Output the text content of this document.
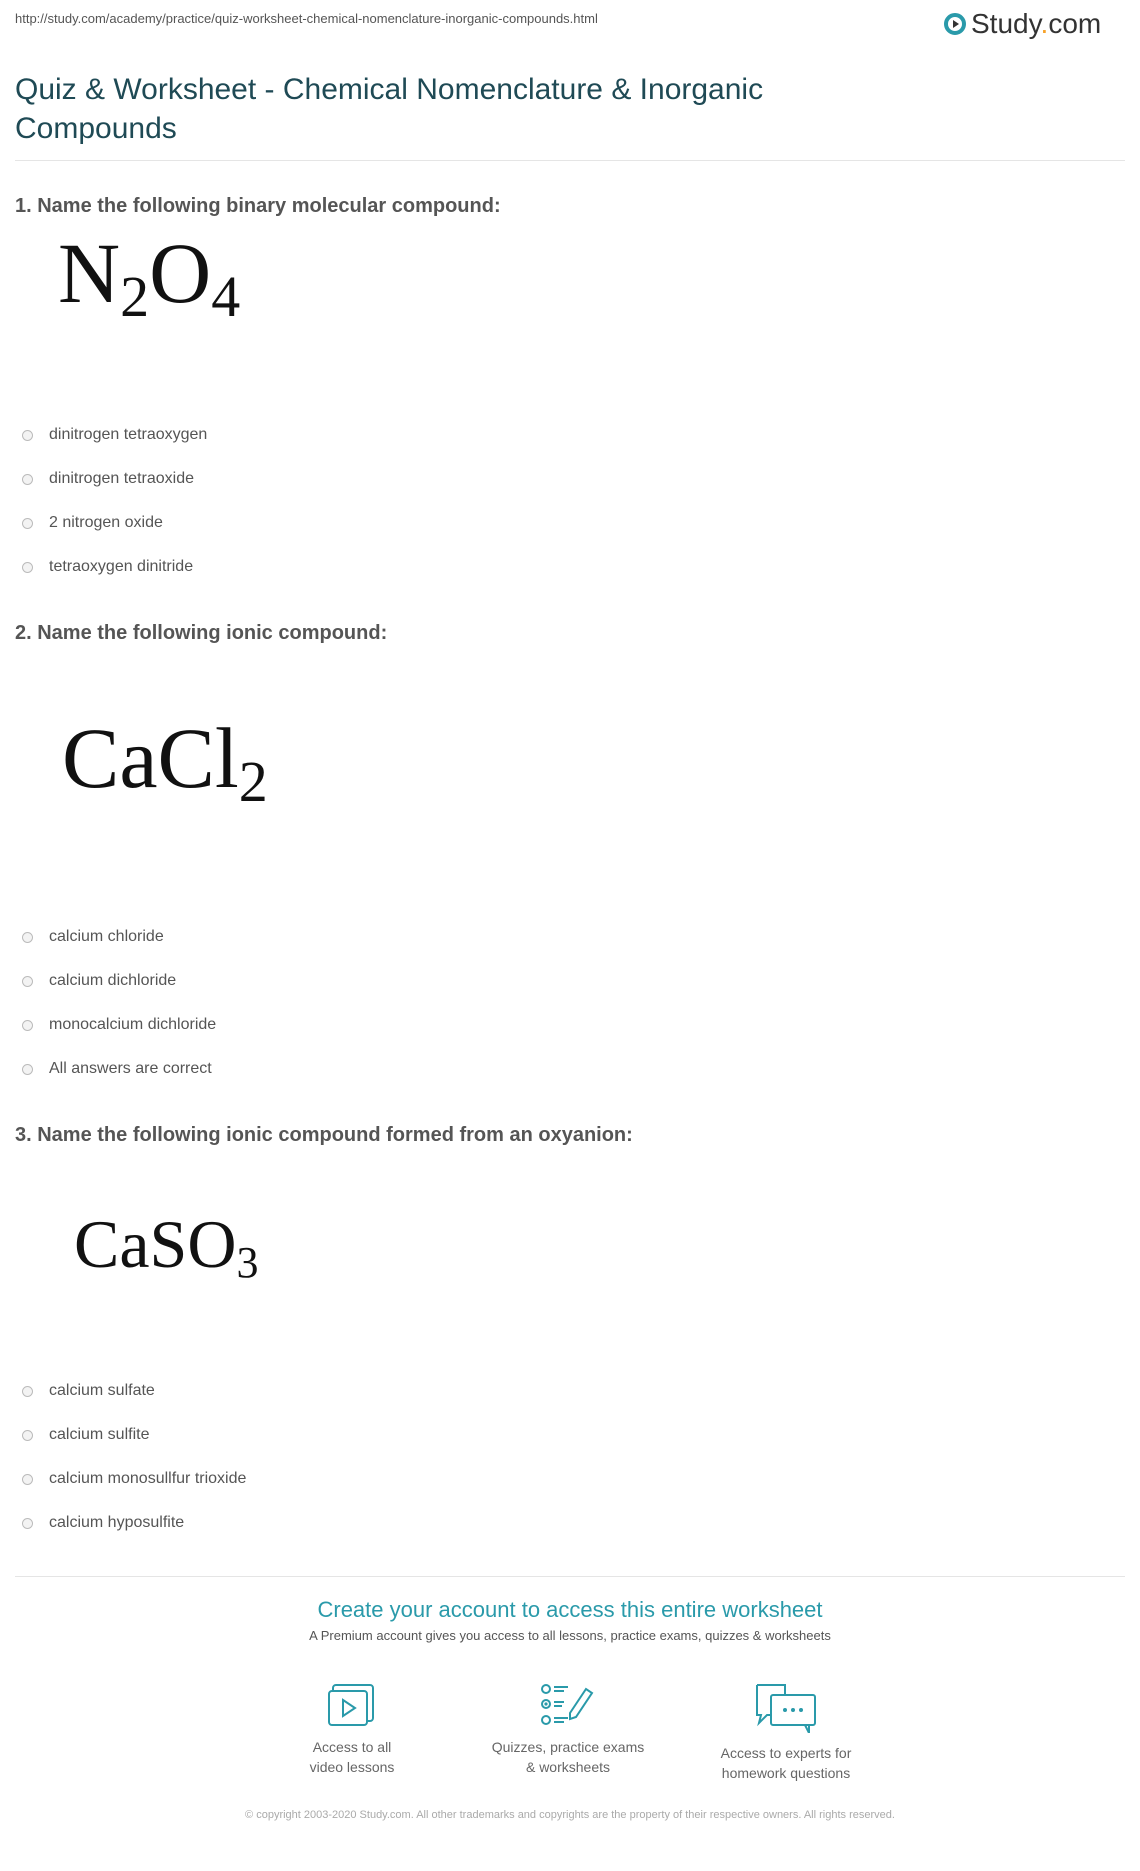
http://study.com/academy/practice/quiz-worksheet-chemical-nomenclature-inorganic-compounds.html	Study.com
Quiz & Worksheet - Chemical Nomenclature & Inorganic Compounds
1. Name the following binary molecular compound:
$N_2O_4$
dinitrogen tetraoxygen
dinitrogen tetraoxide
2 nitrogen oxide
tetraoxygen dinitride
2. Name the following ionic compound:
CaCl$_2$
calcium chloride
calcium dichloride
monocalcium dichloride
All answers are correct
3. Name the following ionic compound formed from an oxyanion:
CaSO$_3$
calcium sulfate
calcium sulfite
calcium monosullfur trioxide
calcium hyposulfite
Create your account to access this entire worksheet
A Premium account gives you access to all lessons, practice exams, quizzes & worksheets
Access to all
video lessons
Quizzes, practice exams
& worksheets
Access to experts for
homework questions
© copyright 2003-2020 Study.com. All other trademarks and copyrights are the property of their respective owners. All rights reserved.
